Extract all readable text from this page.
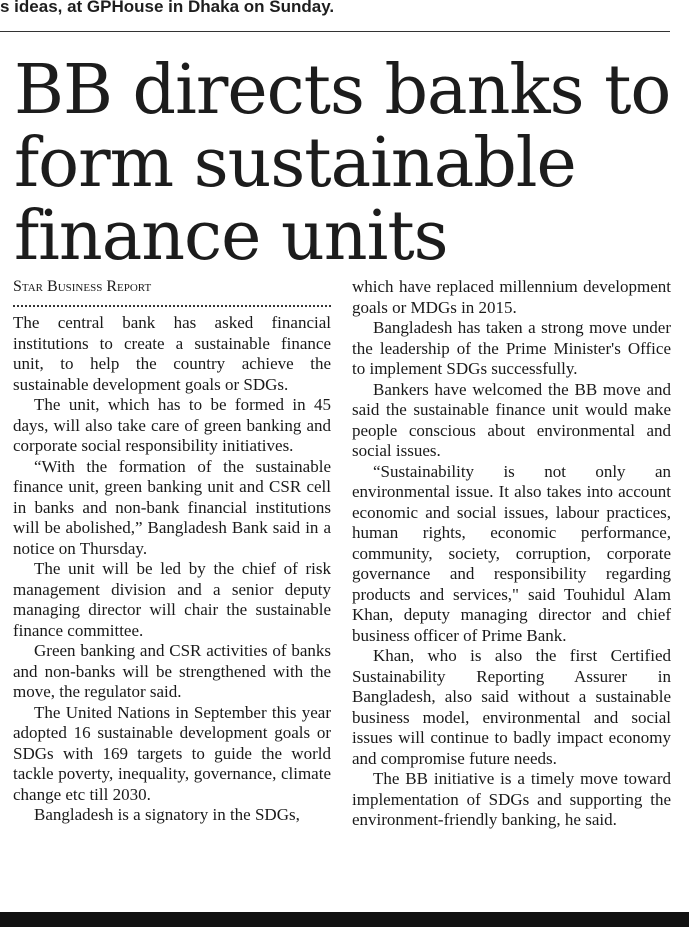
s ideas, at GPHouse in Dhaka on Sunday.
BB directs banks to form sustainable finance units
Star Business Report

The central bank has asked financial institutions to create a sustainable finance unit, to help the country achieve the sustainable development goals or SDGs.

The unit, which has to be formed in 45 days, will also take care of green banking and corporate social responsibility initiatives.

“With the formation of the sustainable finance unit, green banking unit and CSR cell in banks and non-bank financial institutions will be abolished,” Bangladesh Bank said in a notice on Thursday.

The unit will be led by the chief of risk management division and a senior deputy managing director will chair the sustainable finance committee.

Green banking and CSR activities of banks and non-banks will be strengthened with the move, the regulator said.

The United Nations in September this year adopted 16 sustainable development goals or SDGs with 169 targets to guide the world tackle poverty, inequality, governance, climate change etc till 2030.

Bangladesh is a signatory in the SDGs,

which have replaced millennium development goals or MDGs in 2015.

Bangladesh has taken a strong move under the leadership of the Prime Minister's Office to implement SDGs successfully.

Bankers have welcomed the BB move and said the sustainable finance unit would make people conscious about environmental and social issues.

“Sustainability is not only an environmental issue. It also takes into account economic and social issues, labour practices, human rights, economic performance, community, society, corruption, corporate governance and responsibility regarding products and services," said Touhidul Alam Khan, deputy managing director and chief business officer of Prime Bank.

Khan, who is also the first Certified Sustainability Reporting Assurer in Bangladesh, also said without a sustainable business model, environmental and social issues will continue to badly impact economy and compromise future needs.

The BB initiative is a timely move toward implementation of SDGs and supporting the environment-friendly banking, he said.
